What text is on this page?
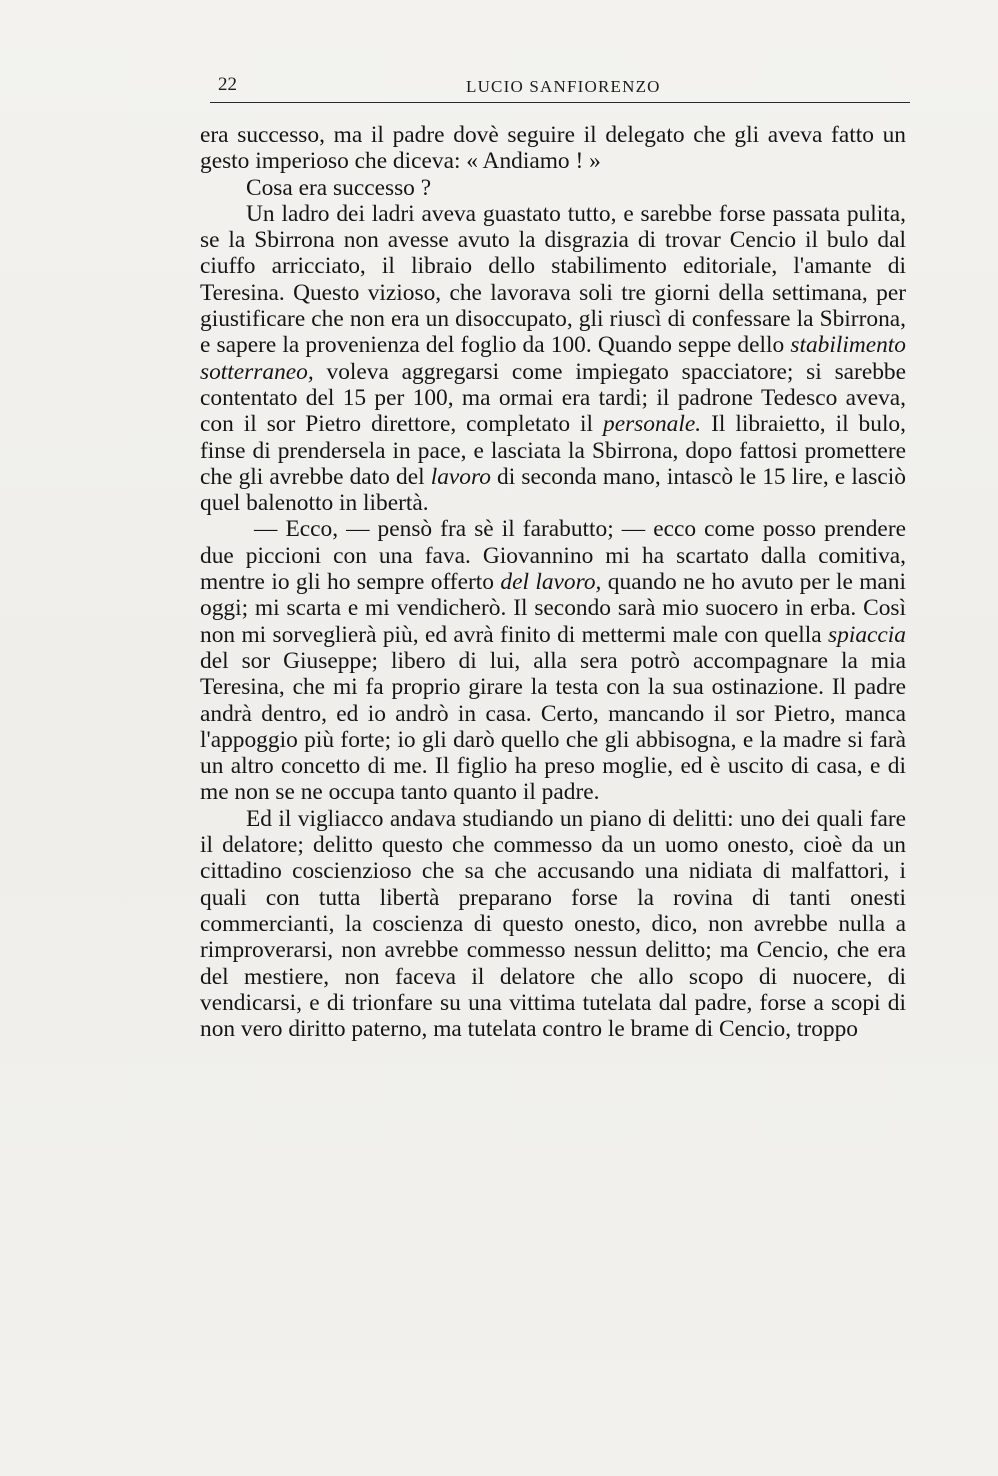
22	LUCIO SANFIORENZO

era successo, ma il padre dovè seguire il delegato che gli aveva fatto un gesto imperioso che diceva: « Andiamo ! »

Cosa era successo ?

Un ladro dei ladri aveva guastato tutto, e sarebbe forse passata pulita, se la Sbirrona non avesse avuto la disgrazia di trovar Cencio il bulo dal ciuffo arricciato, il libraio dello stabilimento editoriale, l'amante di Teresina. Questo vizioso, che lavorava soli tre giorni della settimana, per giustificare che non era un disoccupato, gli riuscì di confessare la Sbirrona, e sapere la provenienza del foglio da 100. Quando seppe dello stabilimento sotterraneo, voleva aggregarsi come impiegato spacciatore; si sarebbe contentato del 15 per 100, ma ormai era tardi; il padrone Tedesco aveva, con il sor Pietro direttore, completato il personale. Il libraietto, il bulo, finse di prendersela in pace, e lasciata la Sbirrona, dopo fattosi promettere che gli avrebbe dato del lavoro di seconda mano, intascò le 15 lire, e lasciò quel balenotto in libertà.

— Ecco, — pensò fra sè il farabutto; — ecco come posso prendere due piccioni con una fava. Giovannino mi ha scartato dalla comitiva, mentre io gli ho sempre offerto del lavoro, quando ne ho avuto per le mani oggi; mi scarta e mi vendicherò. Il secondo sarà mio suocero in erba. Così non mi sorveglierà più, ed avrà finito di mettermi male con quella spiaccia del sor Giuseppe; libero di lui, alla sera potrò accompagnare la mia Teresina, che mi fa proprio girare la testa con la sua ostinazione. Il padre andrà dentro, ed io andrò in casa. Certo, mancando il sor Pietro, manca l'appoggio più forte; io gli darò quello che gli abbisogna, e la madre si farà un altro concetto di me. Il figlio ha preso moglie, ed è uscito di casa, e di me non se ne occupa tanto quanto il padre.

Ed il vigliacco andava studiando un piano di delitti: uno dei quali fare il delatore; delitto questo che commesso da un uomo onesto, cioè da un cittadino coscienzioso che sa che accusando una nidiata di malfattori, i quali con tutta libertà preparano forse la rovina di tanti onesti commercianti, la coscienza di questo onesto, dico, non avrebbe nulla a rimproverarsi, non avrebbe commesso nessun delitto; ma Cencio, che era del mestiere, non faceva il delatore che allo scopo di nuocere, di vendicarsi, e di trionfare su una vittima tutelata dal padre, forse a scopi di non vero diritto paterno, ma tutelata contro le brame di Cencio, troppo
